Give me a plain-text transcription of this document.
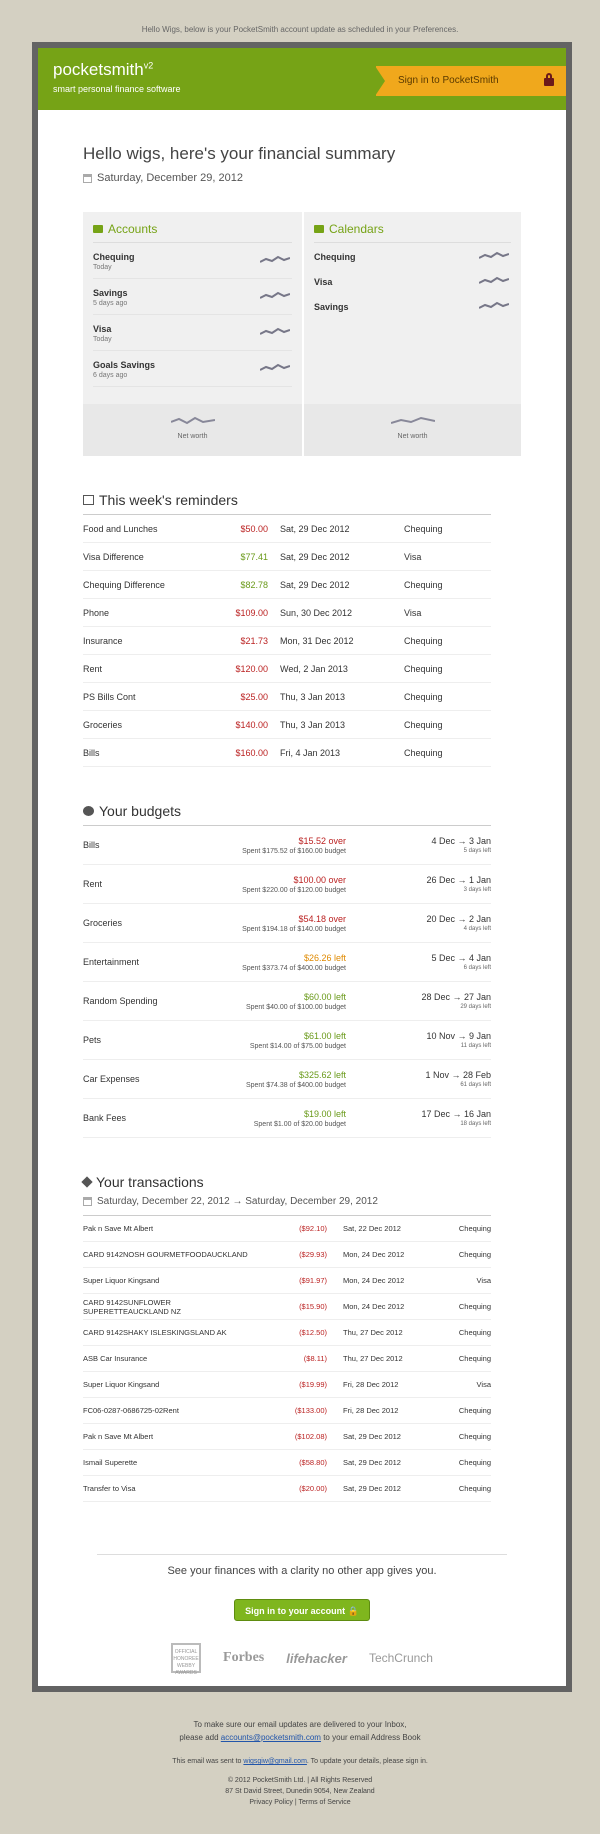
Hello Wigs, below is your PocketSmith account update as scheduled in your Preferences.
pocketsmith$^{v2}$
smart personal finance software
Sign in to PocketSmith
Hello wigs, here's your financial summary
Saturday, December 29, 2012
Accounts
Chequing
Today
Savings
5 days ago
Visa
Today
Goals Savings
6 days ago
Net worth
Calendars
Chequing
Visa
Savings
Net worth
This week's reminders
Food and Lunches	$50.00	Sat, 29 Dec 2012	Chequing
Visa Difference	$77.41	Sat, 29 Dec 2012	Visa
Chequing Difference	$82.78	Sat, 29 Dec 2012	Chequing
Phone	$109.00	Sun, 30 Dec 2012	Visa
Insurance	$21.73	Mon, 31 Dec 2012	Chequing
Rent	$120.00	Wed, 2 Jan 2013	Chequing
PS Bills Cont	$25.00	Thu, 3 Jan 2013	Chequing
Groceries	$140.00	Thu, 3 Jan 2013	Chequing
Bills	$160.00	Fri, 4 Jan 2013	Chequing
Your budgets
Bills	$15.52 over
Spent $175.52 of $160.00 budget
4 Dec → 3 Jan
5 days left
Rent	$100.00 over
Spent $220.00 of $120.00 budget
26 Dec → 1 Jan
3 days left
Groceries	$54.18 over
Spent $194.18 of $140.00 budget
20 Dec → 2 Jan
4 days left
Entertainment	$26.26 left
Spent $373.74 of $400.00 budget
5 Dec → 4 Jan
6 days left
Random Spending	$60.00 left
Spent $40.00 of $100.00 budget
28 Dec → 27 Jan
29 days left
Pets	$61.00 left
Spent $14.00 of $75.00 budget
10 Nov → 9 Jan
11 days left
Car Expenses	$325.62 left
Spent $74.38 of $400.00 budget
1 Nov → 28 Feb
61 days left
Bank Fees	$19.00 left
Spent $1.00 of $20.00 budget
17 Dec → 16 Jan
18 days left
Your transactions
Saturday, December 22, 2012 → Saturday, December 29, 2012
Pak n Save Mt Albert	($92.10)	Sat, 22 Dec 2012	Chequing
CARD 9142NOSH GOURMETFOODAUCKLAND	($29.93)	Mon, 24 Dec 2012	Chequing
Super Liquor Kingsand	($91.97)	Mon, 24 Dec 2012	Visa
CARD 9142SUNFLOWER SUPERETTEAUCKLAND NZ	($15.90)	Mon, 24 Dec 2012	Chequing
CARD 9142SHAKY ISLESKINGSLAND AK	($12.50)	Thu, 27 Dec 2012	Chequing
ASB Car Insurance	($8.11)	Thu, 27 Dec 2012	Chequing
Super Liquor Kingsand	($19.99)	Fri, 28 Dec 2012	Visa
FC06-0287-0686725-02Rent	($133.00)	Fri, 28 Dec 2012	Chequing
Pak n Save Mt Albert	($102.08)	Sat, 29 Dec 2012	Chequing
Ismail Superette	($58.80)	Sat, 29 Dec 2012	Chequing
Transfer to Visa	($20.00)	Sat, 29 Dec 2012	Chequing
See your finances with a clarity no other app gives you.
Sign in to your account 🔒
OFFICIAL HONOREE WEBBY AWARDS
Forbes lifehacker TechCrunch
To make sure our email updates are delivered to your Inbox,
please add accounts@pocketsmith.com to your email Address Book
This email was sent to wigsgiw@gmail.com. To update your details, please sign in.
© 2012 PocketSmith Ltd. | All Rights Reserved
87 St David Street, Dunedin 9054, New Zealand
Privacy Policy | Terms of Service
